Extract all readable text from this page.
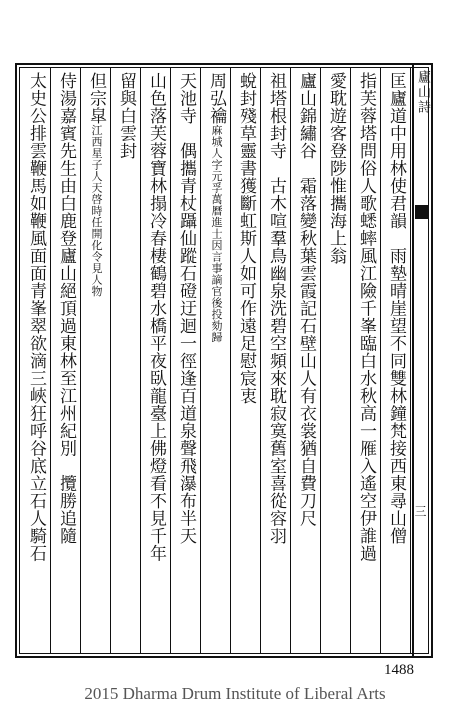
廬山詩
三
匡廬道中用林使君韻　雨墊晴崖望不同雙林鐘梵接西東尋山僧
指芙蓉塔問俗人歌蟋蟀風江險千峯臨白水秋高一雁入遙空伊誰過
愛耽遊客登陟惟攜海上翁
廬山錦繡谷　霜落變秋葉雲霞記石壁山人有衣裳猶自費刀尺
祖塔根封寺　古木喧羣鳥幽泉洗碧空頻來耽寂寞舊室喜從容羽
蛻封殘草靈書獲斷虹斯人如可作遠足慰宸衷
周弘禴麻城人字元孚萬曆進士因言事謫官後投劾歸
天池寺　偶攜青杖躡仙蹤石磴迂迴一徑逢百道泉聲飛瀑布半天
山色落芙蓉寶林搨冷春棲鶴碧水橋平夜臥龍臺上佛燈看不見千年
留與白雲封
但宗皐江西星子人天啓時任開化令見人物
侍湯嘉賓先生由白鹿登廬山絕頂過東林至江州紀別　攬勝追隨
太史公排雲鞭馬如鞭風面面青峯翠欲滴三峽狂呼谷底立石人騎石
1488
2015 Dharma Drum Institute of Liberal Arts
